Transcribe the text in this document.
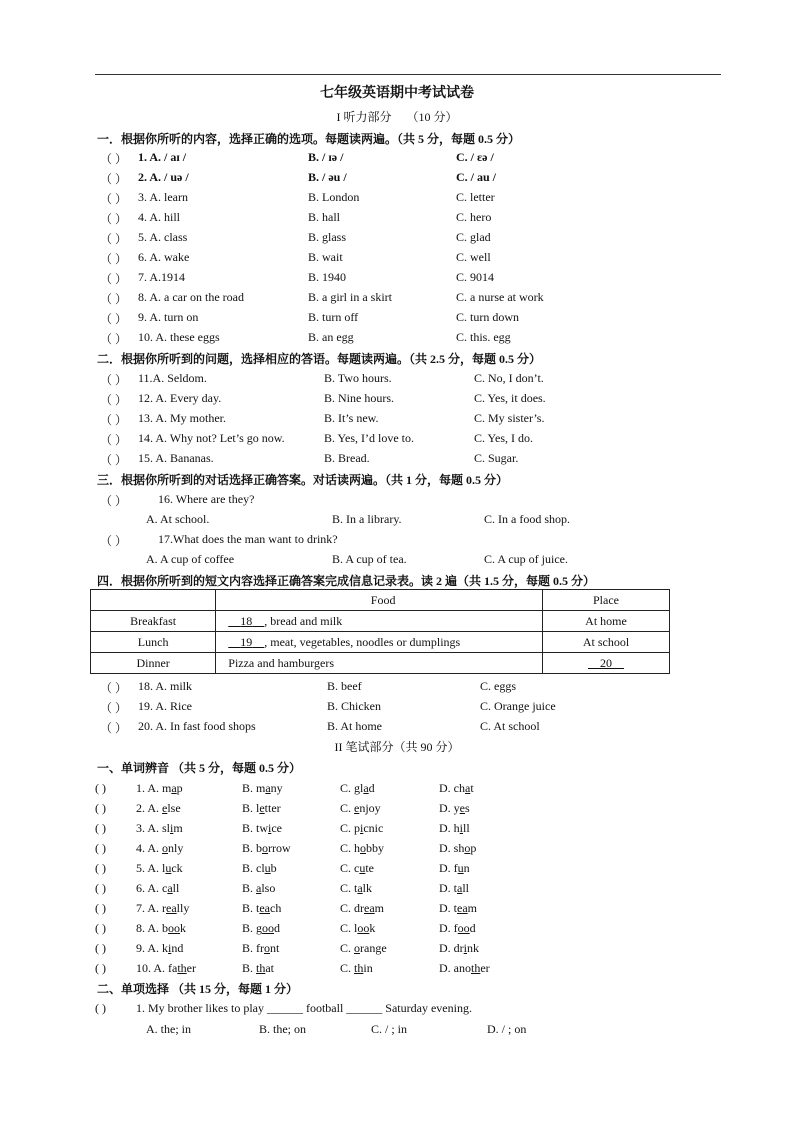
七年级英语期中考试试卷
I 听力部分 （10 分）
一．根据你所听的内容，选择正确的选项。每题读两遍。（共 5 分，每题 0.5 分）
（ ） 1. A. / aɪ /	B. / ɪə /	C. / ɛə /
（ ） 2. A. / uə /	B. / əu /	C. / au /
（ ） 3. A. learn	B. London	C. letter
（ ） 4. A. hill	B. hall	C. hero
（ ） 5. A. class	B. glass	C. glad
（ ） 6. A. wake	B. wait	C. well
（ ） 7. A.1914	B. 1940	C. 9014
（ ） 8. A. a car on the road	B. a girl in a skirt	C. a nurse at work
（ ） 9. A. turn on	B. turn off	C. turn down
（ ） 10. A. these eggs	B. an egg	C. this. egg
二．根据你所听到的问题，选择相应的答语。每题读两遍。（共 2.5 分，每题 0.5 分）
（ ） 11.A. Seldom.	B. Two hours.	C. No, I don’t.
（ ） 12. A. Every day.	B. Nine hours.	C. Yes, it does.
（ ） 13. A. My mother.	B. It’s new.	C. My sister’s.
（ ） 14. A. Why not? Let’s go now.	B. Yes, I’d love to.	C. Yes, I do.
（ ） 15. A. Bananas.	B. Bread.	C. Sugar.
三．根据你所听到的对话选择正确答案。对话读两遍。（共 1 分，每题 0.5 分）
（ ）	16. Where are they?
A. At school.	B. In a library.	C. In a food shop.
（ ）	17.What does the man want to drink?
A. A cup of coffee	B. A cup of tea.	C. A cup of juice.
四．根据你所听到的短文内容选择正确答案完成信息记录表。读 2 遍（共 1.5 分，每题 0.5 分）
	Food	Place
Breakfast	18 , bread and milk	At home
Lunch	19 , meat, vegetables, noodles or dumplings	At school
Dinner	Pizza and hamburgers	20
（ ） 18. A. milk	B. beef	C. eggs
（ ） 19. A. Rice	B. Chicken	C. Orange juice
（ ） 20. A. In fast food shops	B. At home	C. At school
II 笔试部分（共 90 分）
一、单词辨音 （共 5 分，每题 0.5 分）
( )	1. A. map	B. many	C. glad	D. chat
( )	2. A. else	B. letter	C. enjoy	D. yes
( )	3. A. slim	B. twice	C. picnic	D. hill
( )	4. A. only	B. borrow	C. hobby	D. shop
( )	5. A. luck	B. club	C. cute	D. fun
( )	6. A. call	B. also	C. talk	D. tall
( )	7. A. really	B. teach	C. dream	D. team
( )	8. A. book	B. good	C. look	D. food
( )	9. A. kind	B. front	C. orange	D. drink
( )	10. A. father	B. that	C. thin	D. another
二、单项选择 （共 15 分，每题 1 分）
( )	1. My brother likes to play ______ football ______ Saturday evening.
A. the; in	B. the; on	C. / ; in	D. / ; on
